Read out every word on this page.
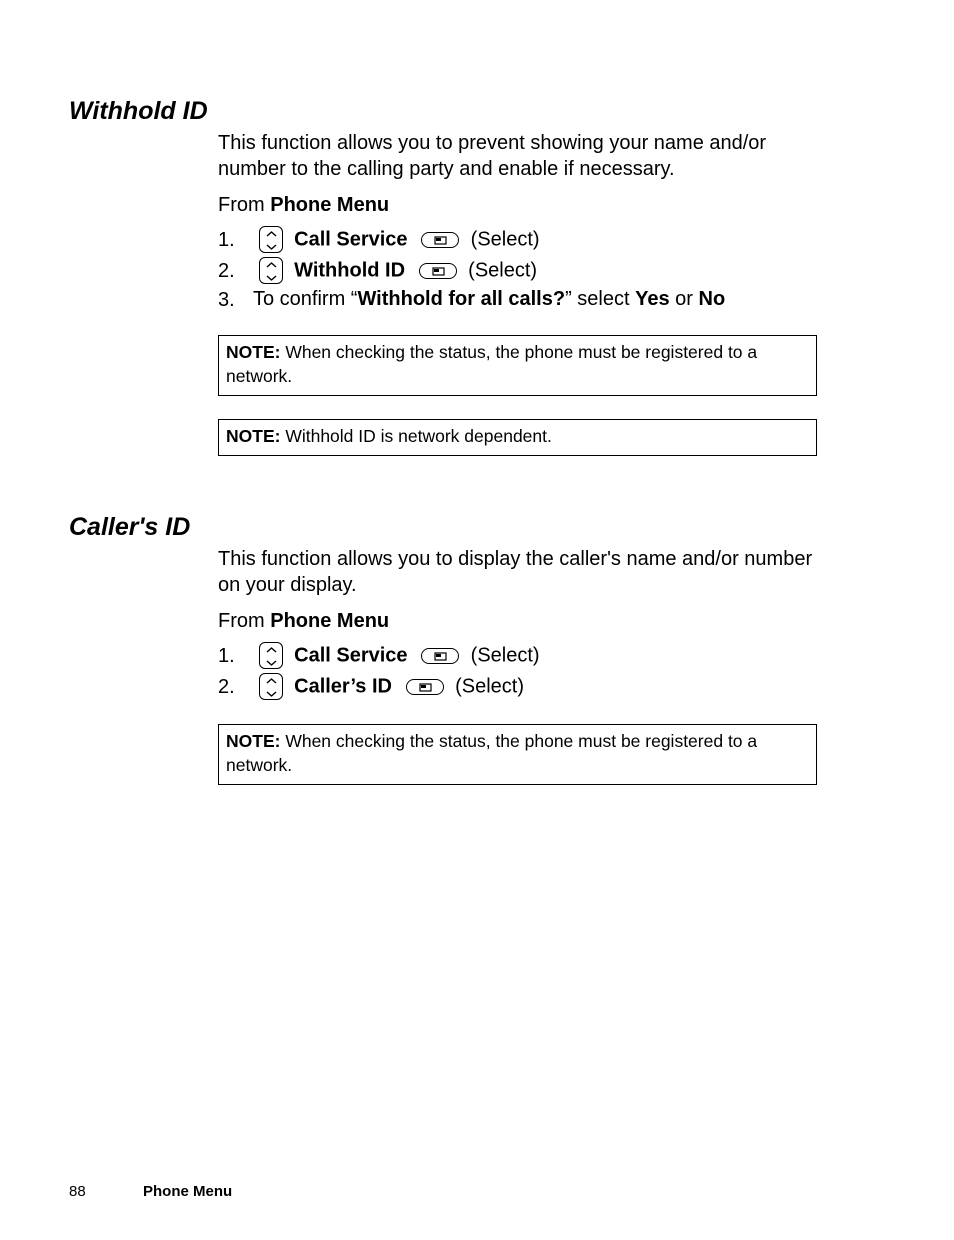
Withhold ID

This function allows you to prevent showing your name and/or number to the calling party and enable if necessary.

From Phone Menu
1.	Call Service	(Select)
2.	Withhold ID	(Select)
3. To confirm “Withhold for all calls?” select Yes or No
NOTE: When checking the status, the phone must be registered to a network.
NOTE: Withhold ID is network dependent.
Caller's ID

This function allows you to display the caller's name and/or number on your display.

From Phone Menu
1.	Call Service	(Select)
2.	Caller’s ID	(Select)
NOTE: When checking the status, the phone must be registered to a network.
88	Phone Menu
